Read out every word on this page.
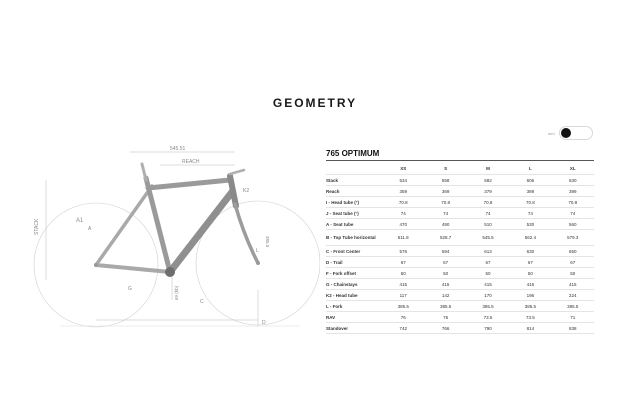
GEOMETRY
545.51
REACH
STACK	A1
A
G
C
D
L
K2
69 (bb)
385.5
mm
765 OPTIMUM
	XS	S	M	L	XL
Stack	534	558	582	606	630
Reach	359	369	379	389	399
I - Head tube (°)	70.8	70.8	70.8	70.8	70.8
J - Seat tube (°)	74	74	74	74	74
A - Seat tube	470	490	510	530	560
B - Top Tube horizontal	511.8	528.7	545.5	562.4	579.3
C - Front Center	576	594	613	630	650
D - Trail	67	67	67	67	67
F - Fork offset	50	50	50	50	50
G - Chainstays	415	415	415	415	415
K2 - Head tube	117	142	170	196	224
L - Fork	385.5	385.5	385.5	385.5	385.5
RAV	76	76	73.5	73.5	71
Standover	742	766	790	814	838
